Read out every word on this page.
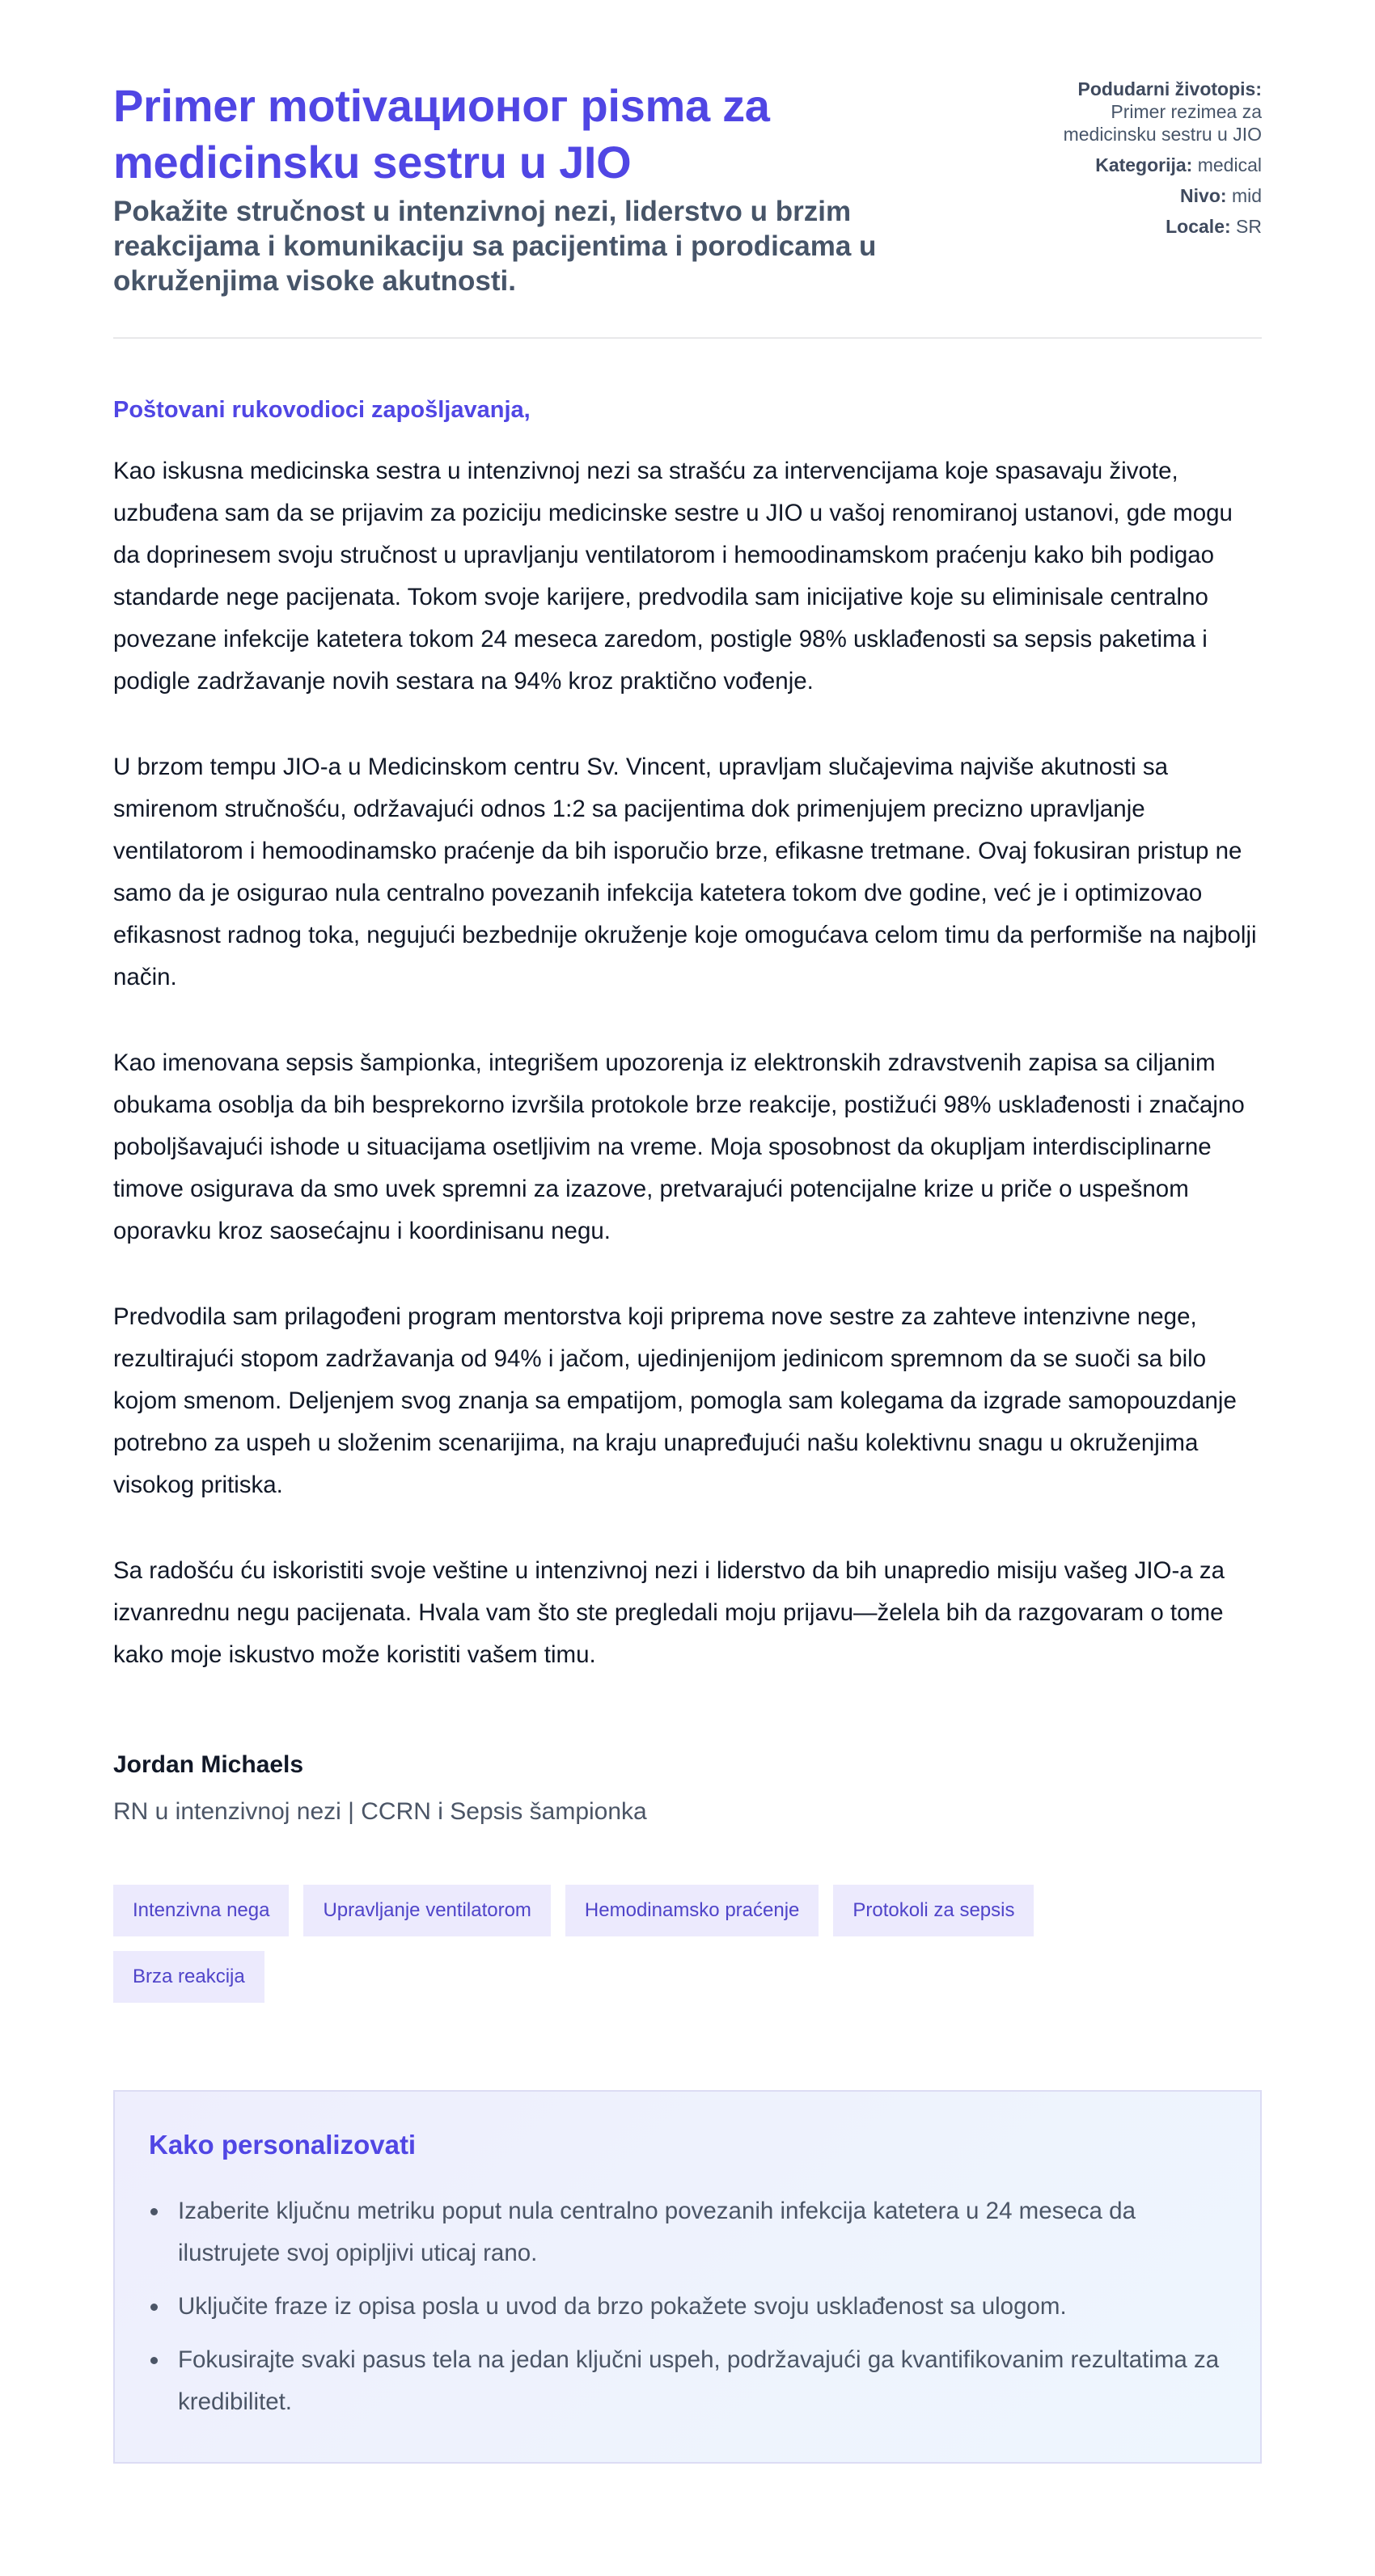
Primer motivaционог pisma za medicinsku sestru u JIO

Pokažite stručnost u intenzivnoj nezi, liderstvo u brzim reakcijama i komunikaciju sa pacijentima i porodicama u okruženjima visoke akutnosti.

Podudarni životopis:
Primer rezimea za medicinsku sestru u JIO
Kategorija: medical
Nivo: mid
Locale: SR

Poštovani rukovodioci zapošljavanja,

Kao iskusna medicinska sestra u intenzivnoj nezi sa strašću za intervencijama koje spasavaju živote, uzbuđena sam da se prijavim za poziciju medicinske sestre u JIO u vašoj renomiranoj ustanovi, gde mogu da doprinesem svoju stručnost u upravljanju ventilatorom i hemoodinamskom praćenju kako bih podigao standarde nege pacijenata. Tokom svoje karijere, predvodila sam inicijative koje su eliminisale centralno povezane infekcije katetera tokom 24 meseca zaredom, postigle 98% usklađenosti sa sepsis paketima i podigle zadržavanje novih sestara na 94% kroz praktično vođenje.

U brzom tempu JIO-a u Medicinskom centru Sv. Vincent, upravljam slučajevima najviše akutnosti sa smirenom stručnošću, održavajući odnos 1:2 sa pacijentima dok primenjujem precizno upravljanje ventilatorom i hemoodinamsko praćenje da bih isporučio brze, efikasne tretmane. Ovaj fokusiran pristup ne samo da je osigurao nula centralno povezanih infekcija katetera tokom dve godine, već je i optimizovao efikasnost radnog toka, negujući bezbednije okruženje koje omogućava celom timu da performiše na najbolji način.

Kao imenovana sepsis šampionka, integrišem upozorenja iz elektronskih zdravstvenih zapisa sa ciljanim obukama osoblja da bih besprekorno izvršila protokole brze reakcije, postižući 98% usklađenosti i značajno poboljšavajući ishode u situacijama osetljivim na vreme. Moja sposobnost da okupljam interdisciplinarne timove osigurava da smo uvek spremni za izazove, pretvarajući potencijalne krize u priče o uspešnom oporavku kroz saosećajnu i koordinisanu negu.

Predvodila sam prilagođeni program mentorstva koji priprema nove sestre za zahteve intenzivne nege, rezultirajući stopom zadržavanja od 94% i jačom, ujedinjenijom jedinicom spremnom da se suoči sa bilo kojom smenom. Deljenjem svog znanja sa empatijom, pomogla sam kolegama da izgrade samopouzdanje potrebno za uspeh u složenim scenarijima, na kraju unapređujući našu kolektivnu snagu u okruženjima visokog pritiska.

Sa radošću ću iskoristiti svoje veštine u intenzivnoj nezi i liderstvo da bih unapredio misiju vašeg JIO-a za izvanrednu negu pacijenata. Hvala vam što ste pregledali moju prijavu—želela bih da razgovaram o tome kako moje iskustvo može koristiti vašem timu.

Jordan Michaels

RN u intenzivnoj nezi | CCRN i Sepsis šampionka

Intenzivna nega	Upravljanje ventilatorom	Hemodinamsko praćenje	Protokoli za sepsis
Brza reakcija
Kako personalizovati
Izaberite ključnu metriku poput nula centralno povezanih infekcija katetera u 24 meseca da ilustrujete svoj opipljivi uticaj rano.
Uključite fraze iz opisa posla u uvod da brzo pokažete svoju usklađenost sa ulogom.
Fokusirajte svaki pasus tela na jedan ključni uspeh, podržavajući ga kvantifikovanim rezultatima za kredibilitet.
